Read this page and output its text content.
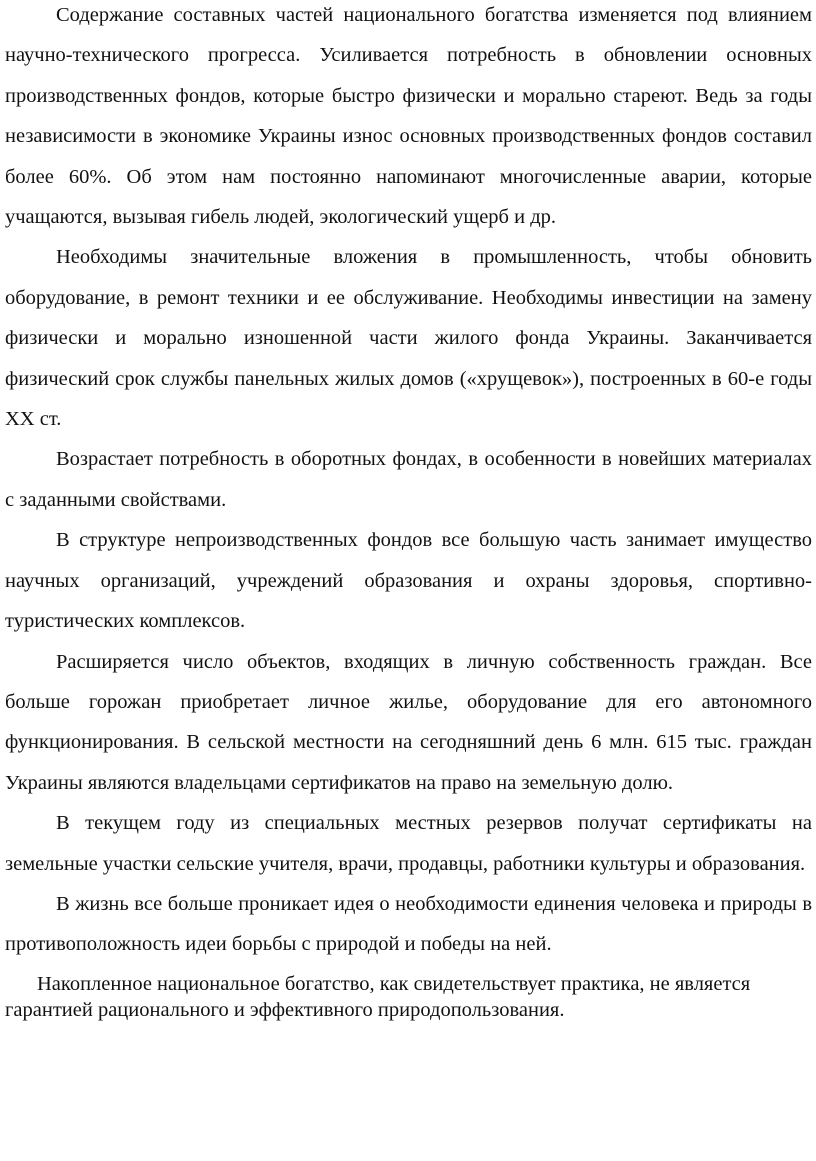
Содержание составных частей национального богатства изменяется под влиянием научно-технического прогресса. Усиливается потребность в обновлении основных производственных фондов, которые быстро физически и морально стареют. Ведь за годы независимости в экономике Украины износ основных производственных фондов составил более 60%. Об этом нам постоянно напоминают многочисленные аварии, которые учащаются, вызывая гибель людей, экологический ущерб и др.

Необходимы значительные вложения в промышленность, чтобы обновить оборудование, в ремонт техники и ее обслуживание. Необходимы инвестиции на замену физически и морально изношенной части жилого фонда Украины. Заканчивается физический срок службы панельных жилых домов («хрущевок»), построенных в 60-е годы XX ст.

Возрастает потребность в оборотных фондах, в особенности в новейших материалах с заданными свойствами.

В структуре непроизводственных фондов все большую часть занимает имущество научных организаций, учреждений образования и охраны здоровья, спортивно-туристических комплексов.

Расширяется число объектов, входящих в личную собственность граждан. Все больше горожан приобретает личное жилье, оборудование для его автономного функционирования. В сельской местности на сегодняшний день 6 млн. 615 тыс. граждан Украины являются владельцами сертификатов на право на земельную долю.

В текущем году из специальных местных резервов получат сертификаты на земельные участки сельские учителя, врачи, продавцы, работники культуры и образования.

В жизнь все больше проникает идея о необходимости единения человека и природы в противоположность идеи борьбы с природой и победы на ней.

Накопленное национальное богатство, как свидетельствует практика, не является гарантией рационального и эффективного природопользования.
